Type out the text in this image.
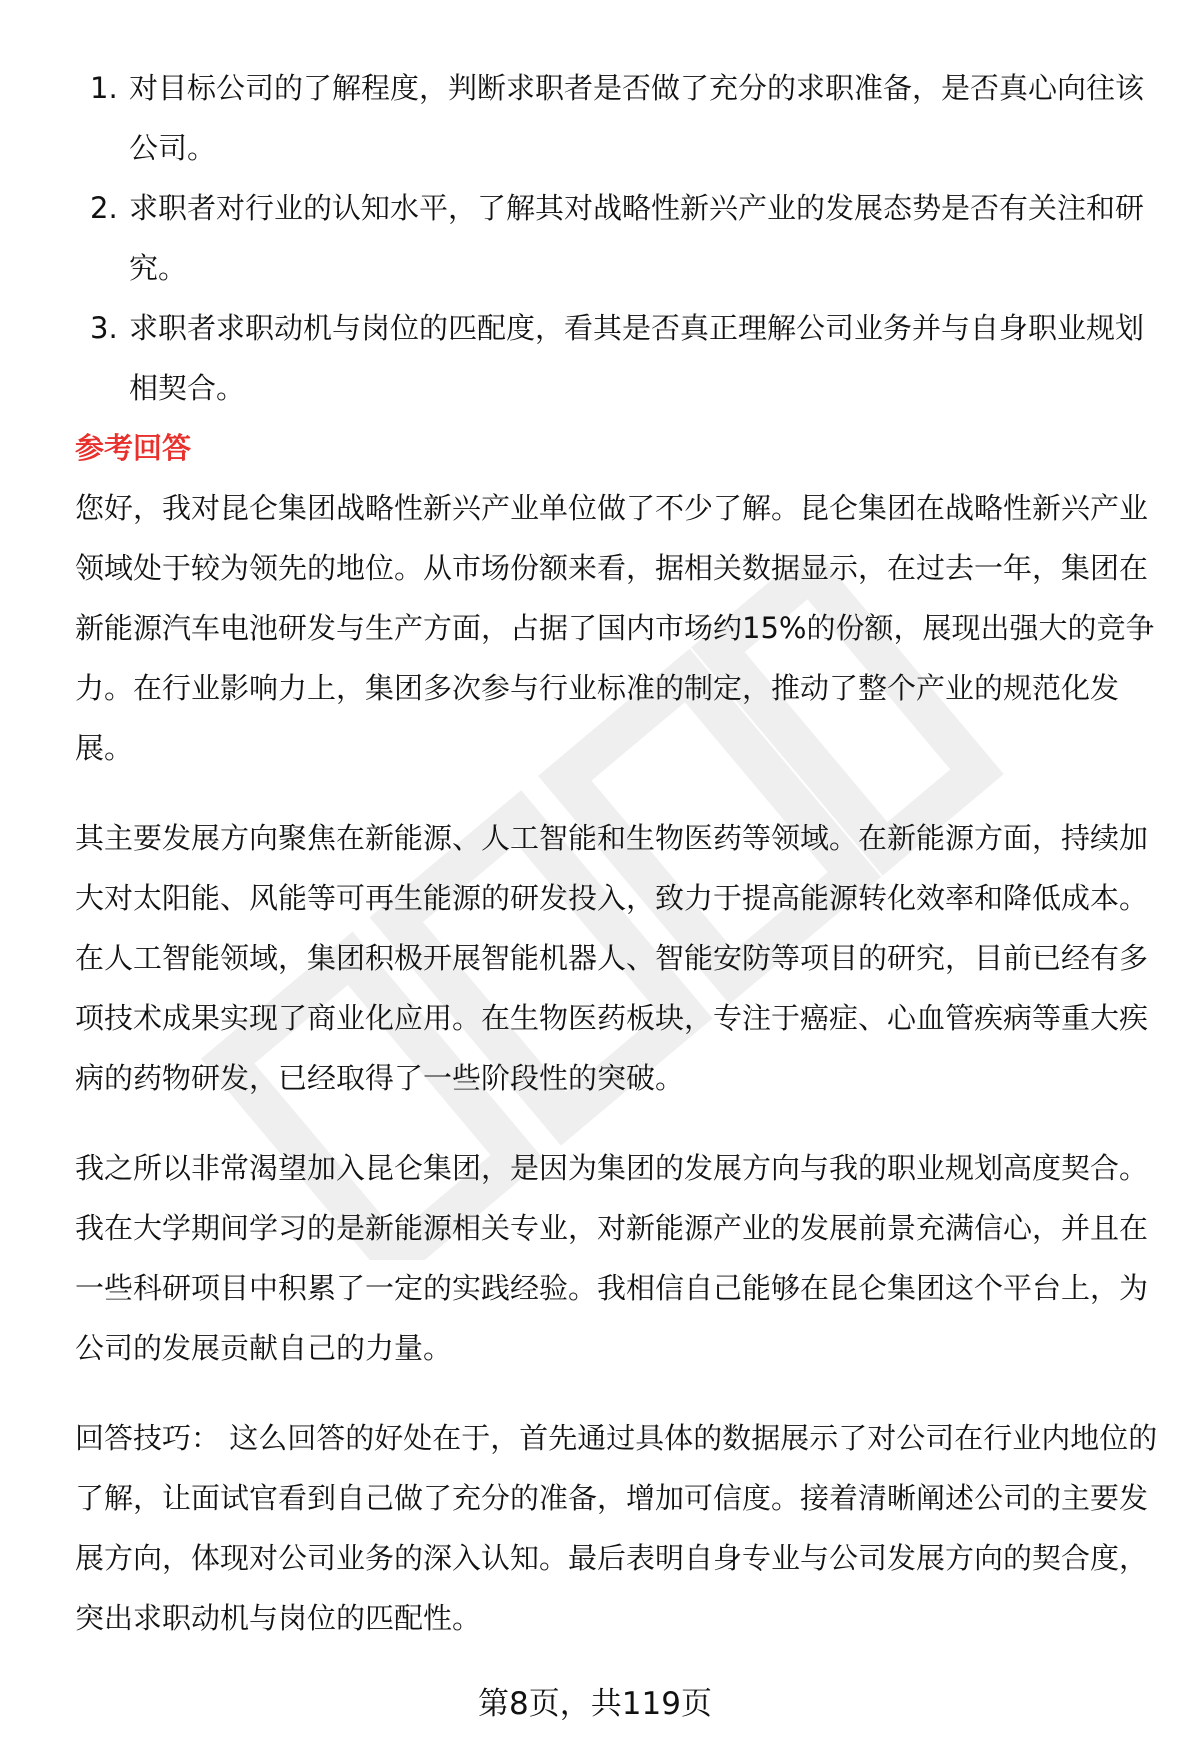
1. 对目标公司的了解程度，判断求职者是否做了充分的求职准备，是否真心向往该公司。
2. 求职者对行业的认知水平，了解其对战略性新兴产业的发展态势是否有关注和研究。
3. 求职者求职动机与岗位的匹配度，看其是否真正理解公司业务并与自身职业规划相契合。
参考回答

您好，我对昆仑集团战略性新兴产业单位做了不少了解。昆仑集团在战略性新兴产业领域处于较为领先的地位。从市场份额来看，据相关数据显示，在过去一年，集团在新能源汽车电池研发与生产方面，占据了国内市场约15%的份额，展现出强大的竞争力。在行业影响力上，集团多次参与行业标准的制定，推动了整个产业的规范化发展。

其主要发展方向聚焦在新能源、人工智能和生物医药等领域。在新能源方面，持续加大对太阳能、风能等可再生能源的研发投入，致力于提高能源转化效率和降低成本。在人工智能领域，集团积极开展智能机器人、智能安防等项目的研究，目前已经有多项技术成果实现了商业化应用。在生物医药板块，专注于癌症、心血管疾病等重大疾病的药物研发，已经取得了一些阶段性的突破。

我之所以非常渴望加入昆仑集团，是因为集团的发展方向与我的职业规划高度契合。我在大学期间学习的是新能源相关专业，对新能源产业的发展前景充满信心，并且在一些科研项目中积累了一定的实践经验。我相信自己能够在昆仑集团这个平台上，为公司的发展贡献自己的力量。

回答技巧： 这么回答的好处在于，首先通过具体的数据展示了对公司在行业内地位的了解，让面试官看到自己做了充分的准备，增加可信度。接着清晰阐述公司的主要发展方向，体现对公司业务的深入认知。最后表明自身专业与公司发展方向的契合度，突出求职动机与岗位的匹配性。

第8页，共119页
